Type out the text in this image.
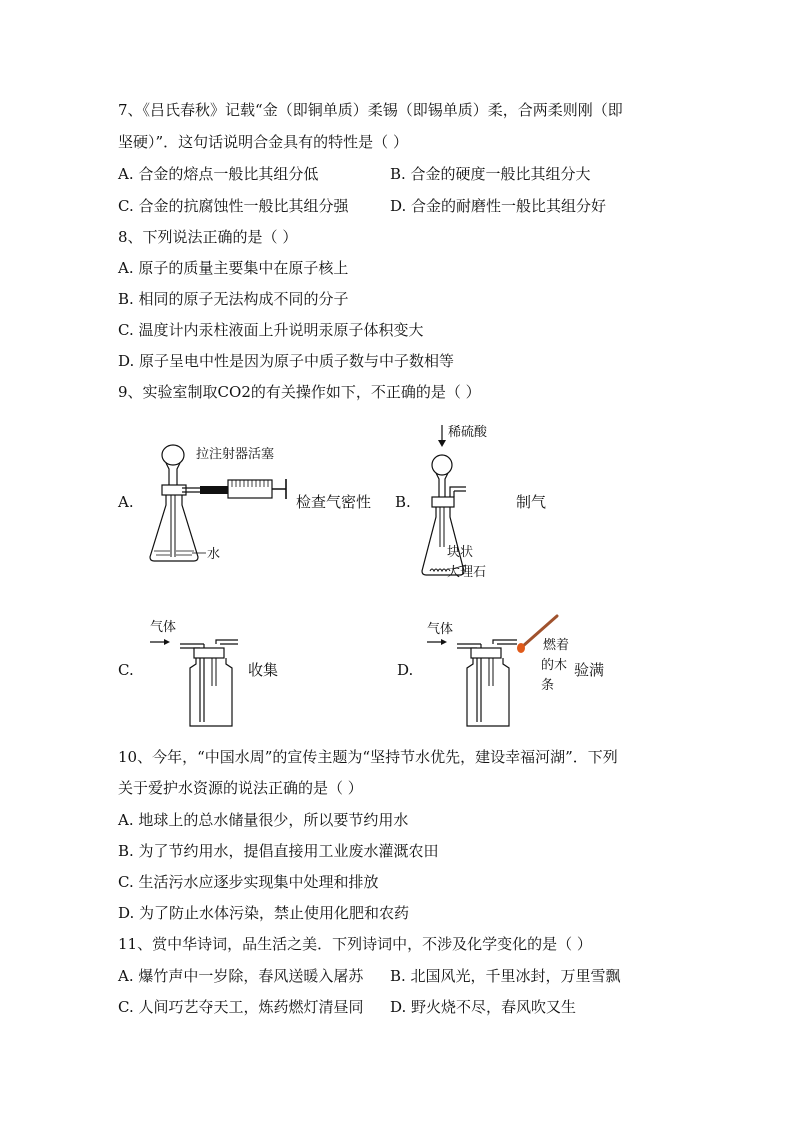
7、《吕氏春秋》记载“金（即铜单质）柔锡（即锡单质）柔，合两柔则刚（即
坚硬）”．这句话说明合金具有的特性是（ ）
A. 合金的熔点一般比其组分低	B. 合金的硬度一般比其组分大
C. 合金的抗腐蚀性一般比其组分强	D. 合金的耐磨性一般比其组分好
8、下列说法正确的是（ ）
A. 原子的质量主要集中在原子核上
B. 相同的原子无法构成不同的分子
C. 温度计内汞柱液面上升说明汞原子体积变大
D. 原子呈电中性是因为原子中质子数与中子数相等
9、实验室制取CO2的有关操作如下，不正确的是（ ）
A.
拉注射器活塞
水
检查气密性 B.
稀硫酸
块状
大理石
制气
C.
气体
收集	D.
气体
燃着
的木
条
验满
10、今年，“中国水周”的宣传主题为“坚持节水优先，建设幸福河湖”．下列
关于爱护水资源的说法正确的是（ ）
A. 地球上的总水储量很少，所以要节约用水
B. 为了节约用水，提倡直接用工业废水灌溉农田
C. 生活污水应逐步实现集中处理和排放
D. 为了防止水体污染，禁止使用化肥和农药
11、赏中华诗词，品生活之美．下列诗词中，不涉及化学变化的是（ ）
A. 爆竹声中一岁除，春风送暖入屠苏 B. 北国风光，千里冰封，万里雪飘
C. 人间巧艺夺天工，炼药燃灯清昼同 D. 野火烧不尽，春风吹又生
